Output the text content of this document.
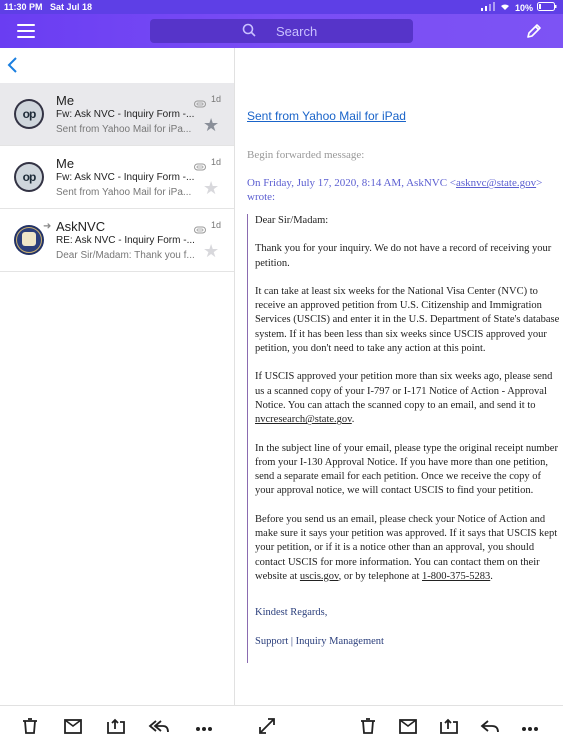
11:30 PM Sat Jul 18	10%
Search
op
Me	1d
Fw: Ask NVC - Inquiry Form -...
Sent from Yahoo Mail for iPa... ★
op
Me	1d
Fw: Ask NVC - Inquiry Form -...
Sent from Yahoo Mail for iPa... ★
➜ AskNVC	1d
RE: Ask NVC - Inquiry Form -...
Dear Sir/Madam: Thank you f... ★
Sent from Yahoo Mail for iPad
Begin forwarded message:
On Friday, July 17, 2020, 8:14 AM, AskNVC <asknvc@state.gov> wrote:

Dear Sir/Madam:

Thank you for your inquiry. We do not have a record of receiving your petition.

It can take at least six weeks for the National Visa Center (NVC) to receive an approved petition from U.S. Citizenship and Immigration Services (USCIS) and enter it in the U.S. Department of State's database system. If it has been less than six weeks since USCIS approved your petition, you don't need to take any action at this point.

If USCIS approved your petition more than six weeks ago, please send us a scanned copy of your I-797 or I-171 Notice of Action - Approval Notice. You can attach the scanned copy to an email, and send it to nvcresearch@state.gov.

In the subject line of your email, please type the original receipt number from your I-130 Approval Notice. If you have more than one petition, send a separate email for each petition. Once we receive the copy of your approval notice, we will contact USCIS to find your petition.

Before you send us an email, please check your Notice of Action and make sure it says your petition was approved. If it says that USCIS kept your petition, or if it is a notice other than an approval, you should contact USCIS for more information. You can contact them on their website at uscis.gov, or by telephone at 1-800-375-5283.

Kindest Regards,

Support | Inquiry Management
